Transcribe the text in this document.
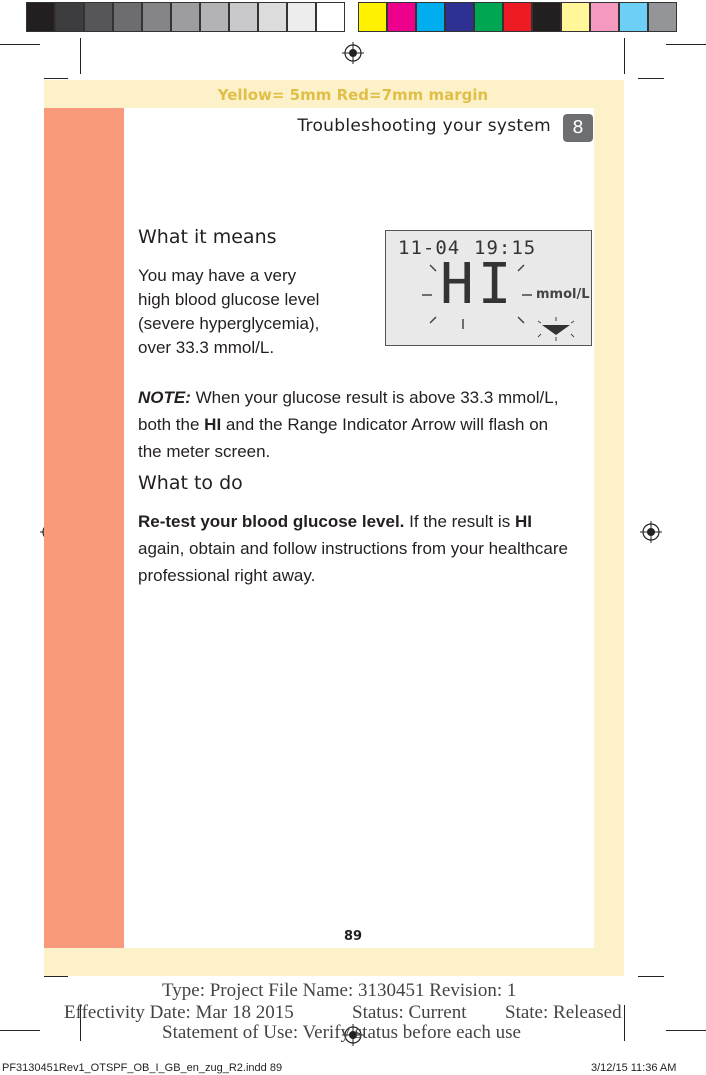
Yellow= 5mm Red=7mm margin
Troubleshooting your system	8
What it means
You may have a very
high blood glucose level
(severe hyperglycemia),
over 33.3 mmol/L.
11-04 19:15
HI mmol/L
NOTE: When your glucose result is above 33.3 mmol/L,
both the HI and the Range Indicator Arrow will flash on
the meter screen.
What to do
Re-test your blood glucose level. If the result is HI
again, obtain and follow instructions from your healthcare
professional right away.
89
Type: Project File Name: 3130451 Revision: 1
Effectivity Date: Mar 18 2015	Status: Current State: Released
Statement of Use: Verify status before each use
PF3130451Rev1_OTSPF_OB_I_GB_en_zug_R2.indd 89	3/12/15 11:36 AM
